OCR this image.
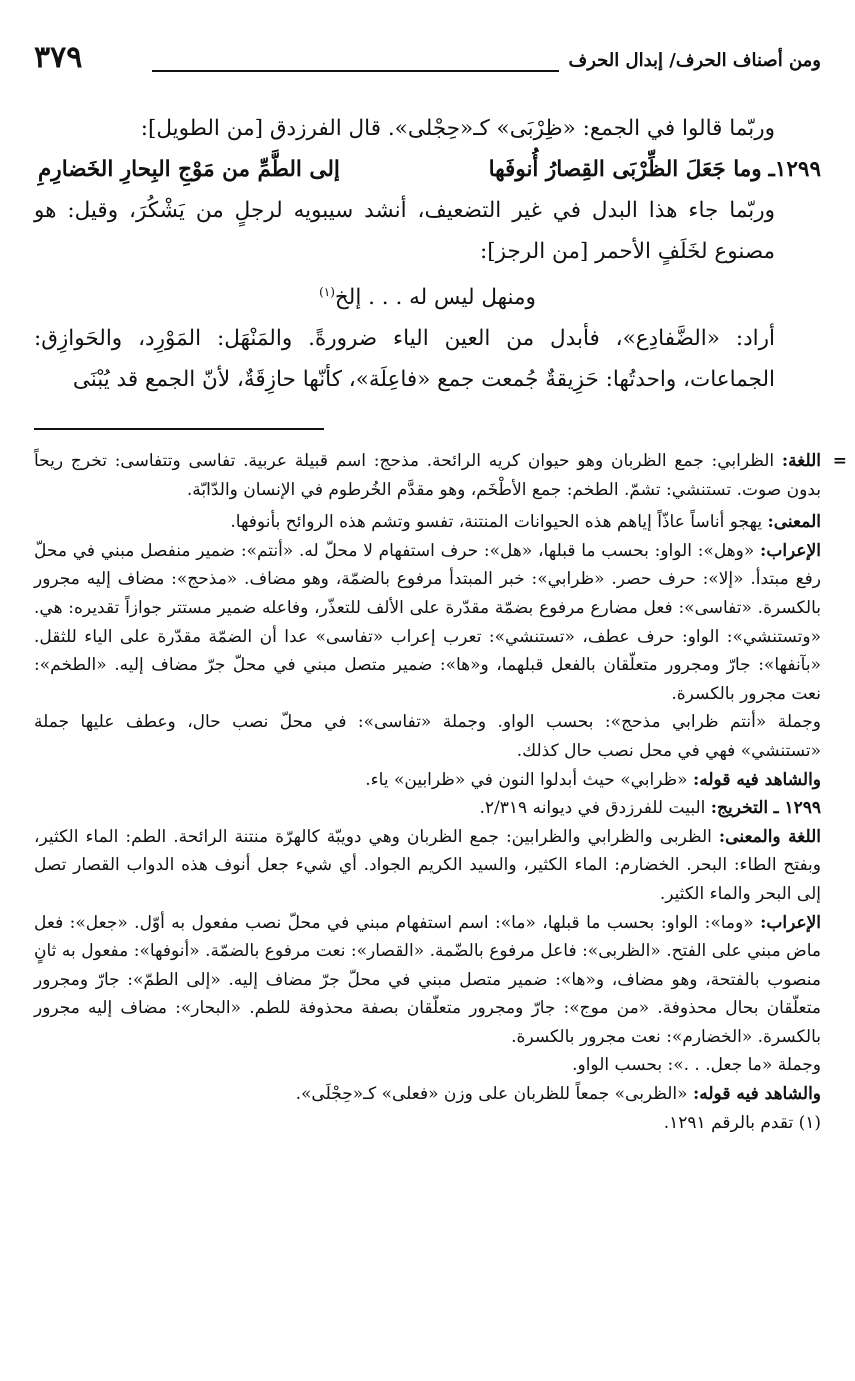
ومن أصناف الحرف/ إبدال الحرف
٣٧٩

وربّما قالوا في الجمع: «ظِرْبَى» كـ«حِجْلى». قال الفرزدق [من الطويل]:

١٢٩٩ـ وما جَعَلَ الظِّرْبَى القِصارُ أُنوفَها
إلى الطَّمِّ من مَوْجِ البِحارِ الخَضارِمِ

وربّما جاء هذا البدل في غير التضعيف، أنشد سيبويه لرجلٍ من يَشْكُرَ، وقيل: هو مصنوع لخَلَفٍ الأحمر [من الرجز]:

ومنهل ليس له . . . إلخ$^{(١)}$

أراد: «الضَّفادِع»، فأبدل من العين الياء ضرورةً. والمَنْهَل: المَوْرِد، والحَوازِق: الجماعات، واحدتُها: حَزِيقةٌ جُمعت جمع «فاعِلَة»، كأنّها حازِقَةٌ، لأنّ الجمع قد يُبْنَى

=
اللغة: الظرابي: جمع الظربان وهو حيوان كريه الرائحة. مذحج: اسم قبيلة عربية. تفاسى وتتفاسى: تخرج ريحاً بدون صوت. تستنشي: تشمّ. الطخم: جمع الأطْخَم، وهو مقدَّم الخُرطوم في الإنسان والدّابّة.

المعنى: يهجو أناساً عاذّاً إياهم هذه الحيوانات المنتنة، تفسو وتشم هذه الروائح بأنوفها.

الإعراب: «وهل»: الواو: بحسب ما قبلها، «هل»: حرف استفهام لا محلّ له. «أنتم»: ضمير منفصل مبني في محلّ رفع مبتدأ. «إلا»: حرف حصر. «ظرابي»: خبر المبتدأ مرفوع بالضمّة، وهو مضاف. «مذحج»: مضاف إليه مجرور بالكسرة. «تفاسى»: فعل مضارع مرفوع بضمّة مقدّرة على الألف للتعذّر، وفاعله ضمير مستتر جوازاً تقديره: هي. «وتستنشي»: الواو: حرف عطف، «تستنشي»: تعرب إعراب «تفاسى» عدا أن الضمّة مقدّرة على الياء للثقل. «بآنفها»: جارّ ومجرور متعلّقان بالفعل قبلهما، و«ها»: ضمير متصل مبني في محلّ جرّ مضاف إليه. «الطخم»: نعت مجرور بالكسرة.

وجملة «أنتم ظرابي مذحج»: بحسب الواو. وجملة «تفاسى»: في محلّ نصب حال، وعطف عليها جملة «تستنشي» فهي في محل نصب حال كذلك.

والشاهد فيه قوله: «ظرابي» حيث أبدلوا النون في «ظرابين» ياء.

١٢٩٩ ـ التخريج: البيت للفرزدق في ديوانه ٢/٣١٩.

اللغة والمعنى: الظربى والظرابي والظرابين: جمع الظربان وهي دويبّة كالهرّة منتنة الرائحة. الطم: الماء الكثير، وبفتح الطاء: البحر. الخضارم: الماء الكثير، والسيد الكريم الجواد. أي شيء جعل أنوف هذه الدواب القصار تصل إلى البحر والماء الكثير.

الإعراب: «وما»: الواو: بحسب ما قبلها، «ما»: اسم استفهام مبني في محلّ نصب مفعول به أوّل. «جعل»: فعل ماض مبني على الفتح. «الظربى»: فاعل مرفوع بالضّمة. «القصار»: نعت مرفوع بالضمّة. «أنوفها»: مفعول به ثانٍ منصوب بالفتحة، وهو مضاف، و«ها»: ضمير متصل مبني في محلّ جرّ مضاف إليه. «إلى الطمّ»: جارّ ومجرور متعلّقان بحال محذوفة. «من موج»: جارّ ومجرور متعلّقان بصفة محذوفة للطم. «البحار»: مضاف إليه مجرور بالكسرة. «الخضارم»: نعت مجرور بالكسرة.

وجملة «ما جعل. . .»: بحسب الواو.

والشاهد فيه قوله: «الظربى» جمعاً للظربان على وزن «فعلى» كـ«حِجْلَى».

(١) تقدم بالرقم ١٢٩١.
